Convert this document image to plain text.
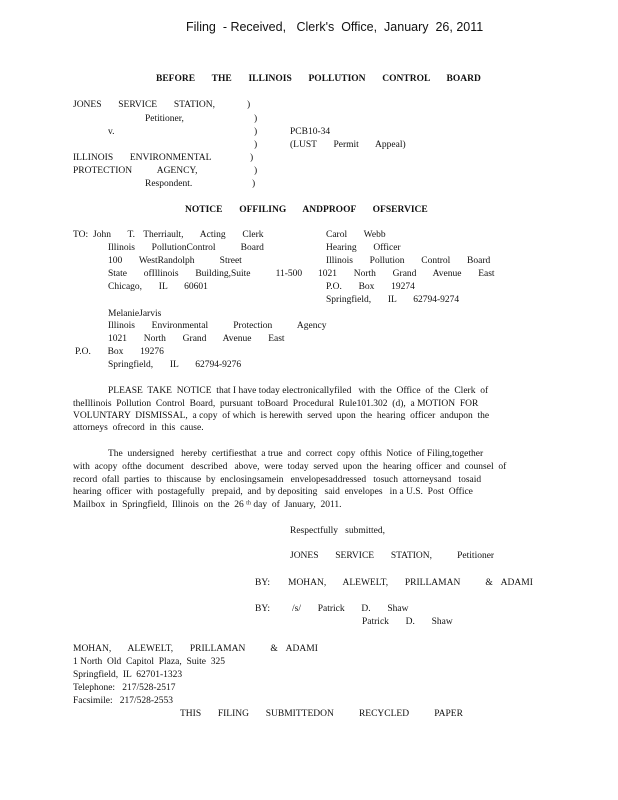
Filing  - Received,   Clerk's  Office,  January  26, 2011
BEFORE  THE  ILLINOIS  POLLUTION  CONTROL  BOARD
JONES  SERVICE  STATION,
Petitioner,
v.
ILLINOIS  ENVIRONMENTAL
PROTECTION   AGENCY,
Respondent.
)
)
)
)
)
)
)
PCB10-34
(LUST  Permit  Appeal)
NOTICE  OFFILING  ANDPROOF  OFSERVICE
TO: John  T. Therriault,  Acting  Clerk
Illinois  PollutionControl   Board
100  WestRandolph   Street
State  ofIllinois  Building,Suite   11-500
Chicago,  IL  60601
Carol  Webb
Hearing  Officer
Illinois  Pollution  Control  Board
1021  North  Grand  Avenue  East
P.O.  Box  19274
Springfield,  IL  62794-9274
MelanieJarvis
Illinois  Environmental   Protection   Agency
1021  North  Grand  Avenue  East
P.O.  Box  19276
Springfield,  IL  62794-9276
PLEASE  TAKE  NOTICE  that I have today electronicallyfiled   with  the  Office  of  the  Clerk  of
theIllinois  Pollution  Control  Board,  pursuant  toBoard  Procedural  Rule101.302  (d),  a MOTION  FOR
VOLUNTARY  DISMISSAL,  a copy  of which  is herewith  served  upon  the  hearing  officer  andupon  the
attorneys  ofrecord  in  this  cause.
The  undersigned   hereby  certifiesthat  a true  and  correct  copy  ofthis  Notice  of Filing,together
with  acopy  ofthe  document   described   above,  were  today  served  upon  the  hearing  officer  and  counsel  of
record  ofall  parties  to  thiscause  by  enclosingsamein   envelopesaddressed   tosuch  attorneysand   tosaid
hearing  officer  with  postagefully   prepaid,  and  by depositing   said  envelopes   in a U.S.  Post  Office
Mailbox  in  Springfield,  Illinois  on  the  26 ᵗʰ day  of  January,  2011.
Respectfully   submitted,
JONES  SERVICE  STATION,   Petitioner
BY: MOHAN,  ALEWELT,  PRILLAMAN   & ADAMI
BY: /s/  Patrick  D.  Shaw
Patrick  D.  Shaw
MOHAN,  ALEWELT,  PRILLAMAN   & ADAMI
1 North  Old  Capitol  Plaza,  Suite  325
Springfield,  IL  62701-1323
Telephone:   217/528-2517
Facsimile:   217/528-2553
THIS  FILING  SUBMITTEDON   RECYCLED   PAPER
